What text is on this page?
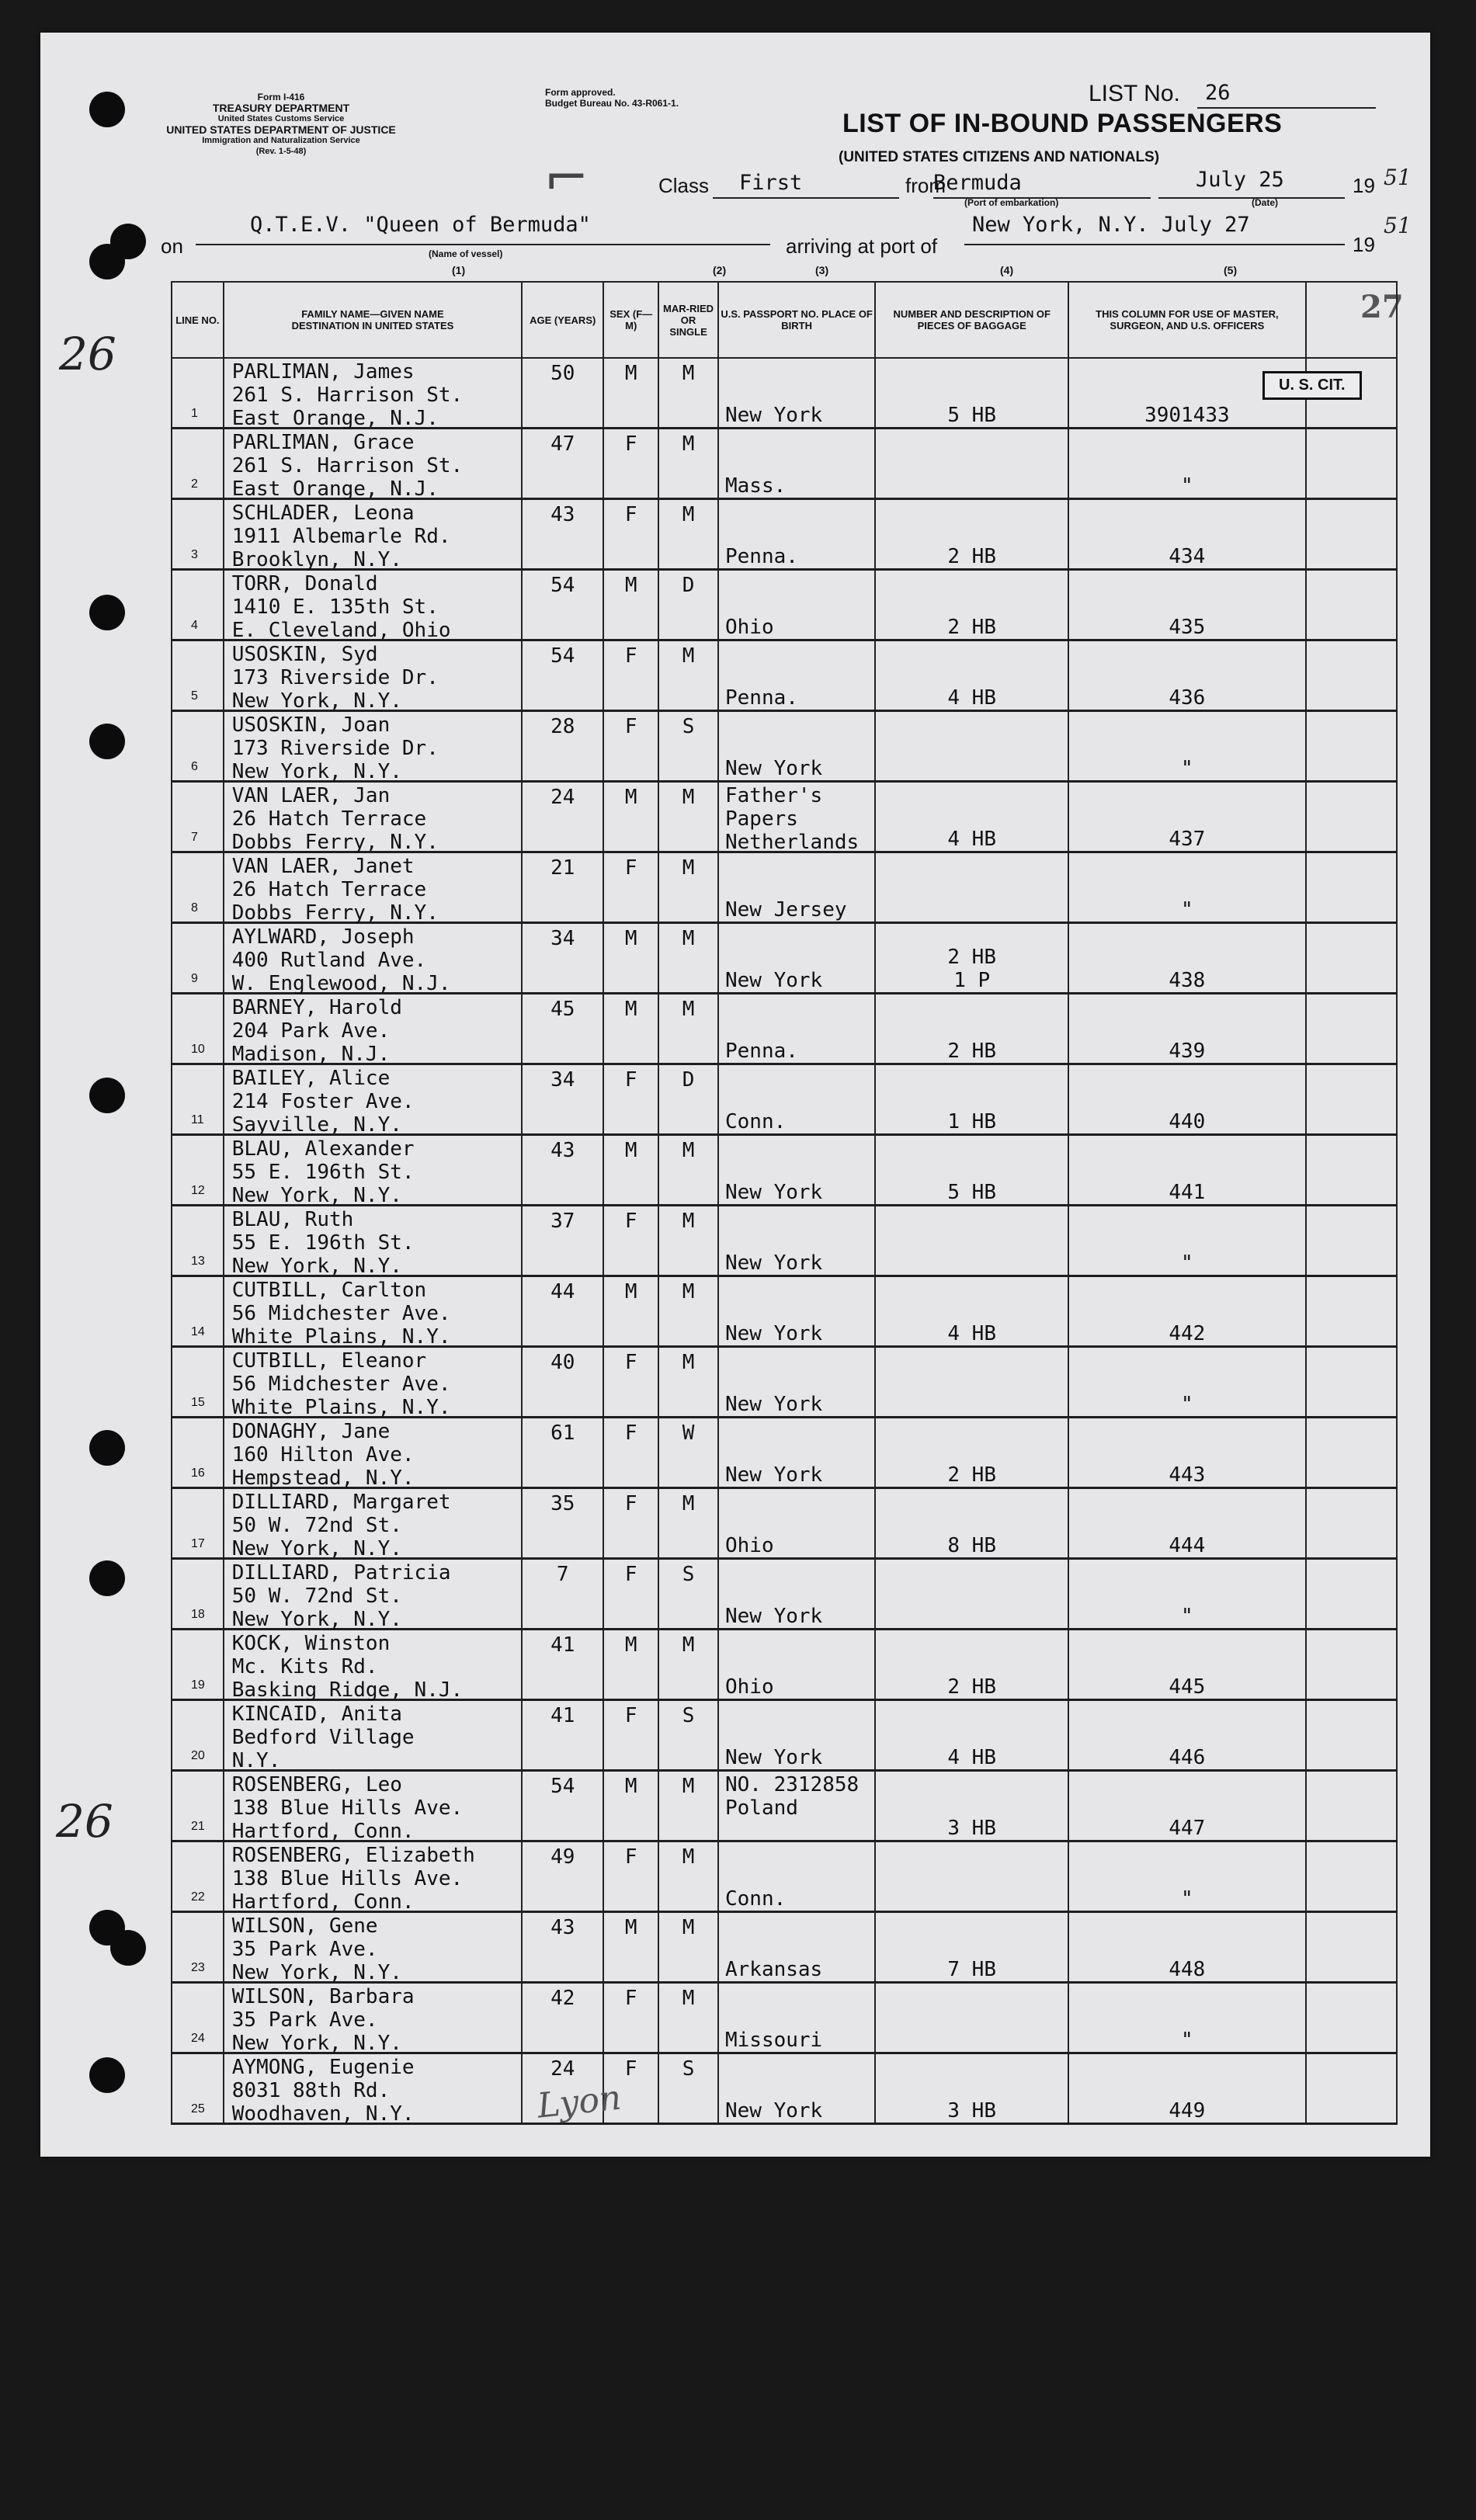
Form I-416
TREASURY DEPARTMENT
United States Customs Service
UNITED STATES DEPARTMENT OF JUSTICE
Immigration and Naturalization Service
(Rev. 1-5-48)
Form approved.
Budget Bureau No. 43-R061-1.	LIST No. 26
LIST OF IN-BOUND PASSENGERS
(UNITED STATES CITIZENS AND NATIONALS)
⌐	Class First	from
Bermuda
(Port of embarkation)
July 25	19 51
(Date)
on
Q.T.E.V. "Queen of Bermuda"
(Name of vessel)	arriving at port of
New York, N.Y. July 27
19
51
(1)	(2)	(3)	(4)	(5)
26
26
27
LINE NO.	FAMILY NAME—GIVEN NAME
DESTINATION IN UNITED STATES	AGE (YEARS)	SEX (F—M)	MAR-RIED OR SINGLE	U.S. PASSPORT NO. PLACE OF BIRTH	NUMBER AND DESCRIPTION OF PIECES OF BAGGAGE	THIS COLUMN FOR USE OF MASTER, SURGEON, AND U.S. OFFICERS	

1	PARLIMAN, James
261 S. Harrison St.
East Orange, N.J.	50	M	M	New York	5 HB	3901433	

2	PARLIMAN, Grace
261 S. Harrison St.
East Orange, N.J.	47	F	M	Mass.		"	

3	SCHLADER, Leona
1911 Albemarle Rd.
Brooklyn, N.Y.	43	F	M	Penna.	2 HB	434	

4	TORR, Donald
1410 E. 135th St.
E. Cleveland, Ohio	54	M	D	Ohio	2 HB	435	

5	USOSKIN, Syd
173 Riverside Dr.
New York, N.Y.	54	F	M	Penna.	4 HB	436	

6	USOSKIN, Joan
173 Riverside Dr.
New York, N.Y.	28	F	S	New York		"	

7	VAN LAER, Jan
26 Hatch Terrace
Dobbs Ferry, N.Y.	24	M	M	Father's
Papers
Netherlands	4 HB	437	

8	VAN LAER, Janet
26 Hatch Terrace
Dobbs Ferry, N.Y.	21	F	M	New Jersey		"	

9	AYLWARD, Joseph
400 Rutland Ave.
W. Englewood, N.J.	34	M	M	New York	2 HB
1 P	438	

10	BARNEY, Harold
204 Park Ave.
Madison, N.J.	45	M	M	Penna.	2 HB	439	

11	BAILEY, Alice
214 Foster Ave.
Sayville, N.Y.	34	F	D	Conn.	1 HB	440	

12	BLAU, Alexander
55 E. 196th St.
New York, N.Y.	43	M	M	New York	5 HB	441	

13	BLAU, Ruth
55 E. 196th St.
New York, N.Y.	37	F	M	New York		"	

14	CUTBILL, Carlton
56 Midchester Ave.
White Plains, N.Y.	44	M	M	New York	4 HB	442	

15	CUTBILL, Eleanor
56 Midchester Ave.
White Plains, N.Y.	40	F	M	New York		"	

16	DONAGHY, Jane
160 Hilton Ave.
Hempstead, N.Y.	61	F	W	New York	2 HB	443	

17	DILLIARD, Margaret
50 W. 72nd St.
New York, N.Y.	35	F	M	Ohio	8 HB	444	

18	DILLIARD, Patricia
50 W. 72nd St.
New York, N.Y.	7	F	S	New York		"	

19	KOCK, Winston
Mc. Kits Rd.
Basking Ridge, N.J.	41	M	M	Ohio	2 HB	445	

20	KINCAID, Anita
Bedford Village
N.Y.	41	F	S	New York	4 HB	446	

21	ROSENBERG, Leo
138 Blue Hills Ave.
Hartford, Conn.	54	M	M	NO. 2312858
Poland	3 HB	447	

22	ROSENBERG, Elizabeth
138 Blue Hills Ave.
Hartford, Conn.	49	F	M	Conn.		"	

23	WILSON, Gene
35 Park Ave.
New York, N.Y.	43	M	M	Arkansas	7 HB	448	

24	WILSON, Barbara
35 Park Ave.
New York, N.Y.	42	F	M	Missouri		"	

25	AYMONG, Eugenie
8031 88th Rd.
Woodhaven, N.Y.	24	F	S	New York	3 HB	449	

U. S. CIT.
Lyon
